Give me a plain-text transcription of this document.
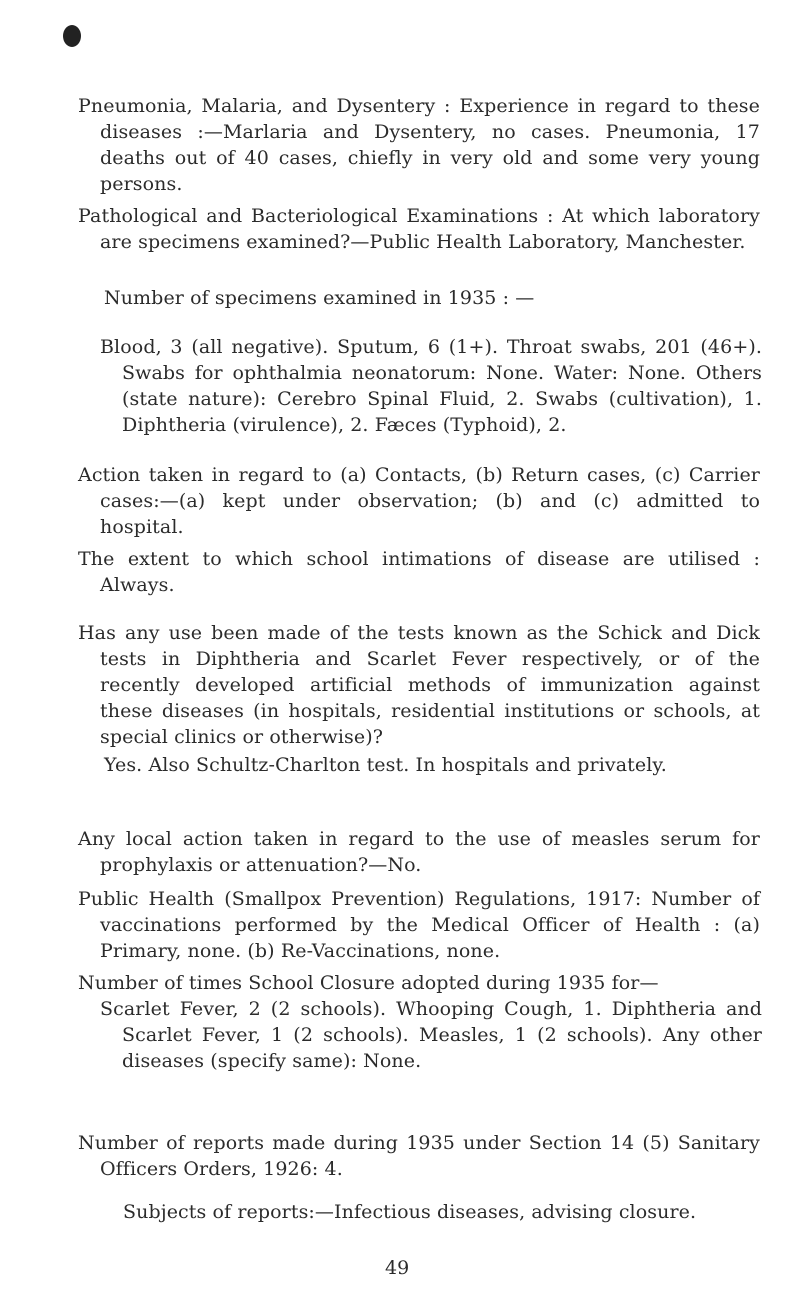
Pneumonia, Malaria, and Dysentery : Experience in regard to these diseases :—Marlaria and Dysentery, no cases. Pneumonia, 17 deaths out of 40 cases, chiefly in very old and some very young persons.

Pathological and Bacteriological Examinations : At which laboratory are specimens examined?—Public Health Laboratory, Manchester.

Number of specimens examined in 1935 : —

Blood, 3 (all negative). Sputum, 6 (1+). Throat swabs, 201 (46+). Swabs for ophthalmia neonatorum: None. Water: None. Others (state nature): Cerebro Spinal Fluid, 2. Swabs (cultivation), 1. Diphtheria (virulence), 2. Fæces (Typhoid), 2.

Action taken in regard to (a) Contacts, (b) Return cases, (c) Carrier cases:—(a) kept under observation; (b) and (c) admitted to hospital.

The extent to which school intimations of disease are utilised : Always.

Has any use been made of the tests known as the Schick and Dick tests in Diphtheria and Scarlet Fever respectively, or of the recently developed artificial methods of immunization against these diseases (in hospitals, residential institutions or schools, at special clinics or otherwise)?

Yes. Also Schultz-Charlton test. In hospitals and privately.

Any local action taken in regard to the use of measles serum for prophylaxis or attenuation?—No.

Public Health (Smallpox Prevention) Regulations, 1917: Number of vaccinations performed by the Medical Officer of Health : (a) Primary, none. (b) Re-Vaccinations, none.

Number of times School Closure adopted during 1935 for—

Scarlet Fever, 2 (2 schools). Whooping Cough, 1. Diphtheria and Scarlet Fever, 1 (2 schools). Measles, 1 (2 schools). Any other diseases (specify same): None.

Number of reports made during 1935 under Section 14 (5) Sanitary Officers Orders, 1926: 4.

Subjects of reports:—Infectious diseases, advising closure.

49
